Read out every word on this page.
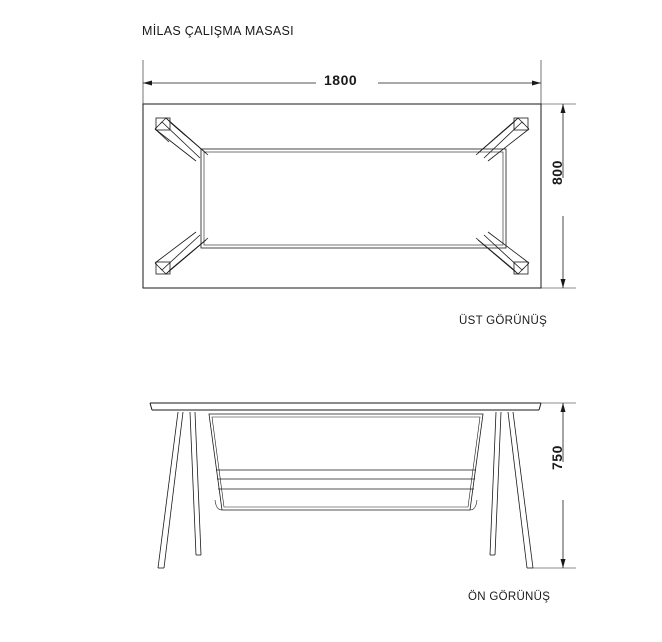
MİLAS ÇALIŞMA MASASI
1800
800
750
ÜST GÖRÜNÜŞ
ÖN GÖRÜNÜŞ
